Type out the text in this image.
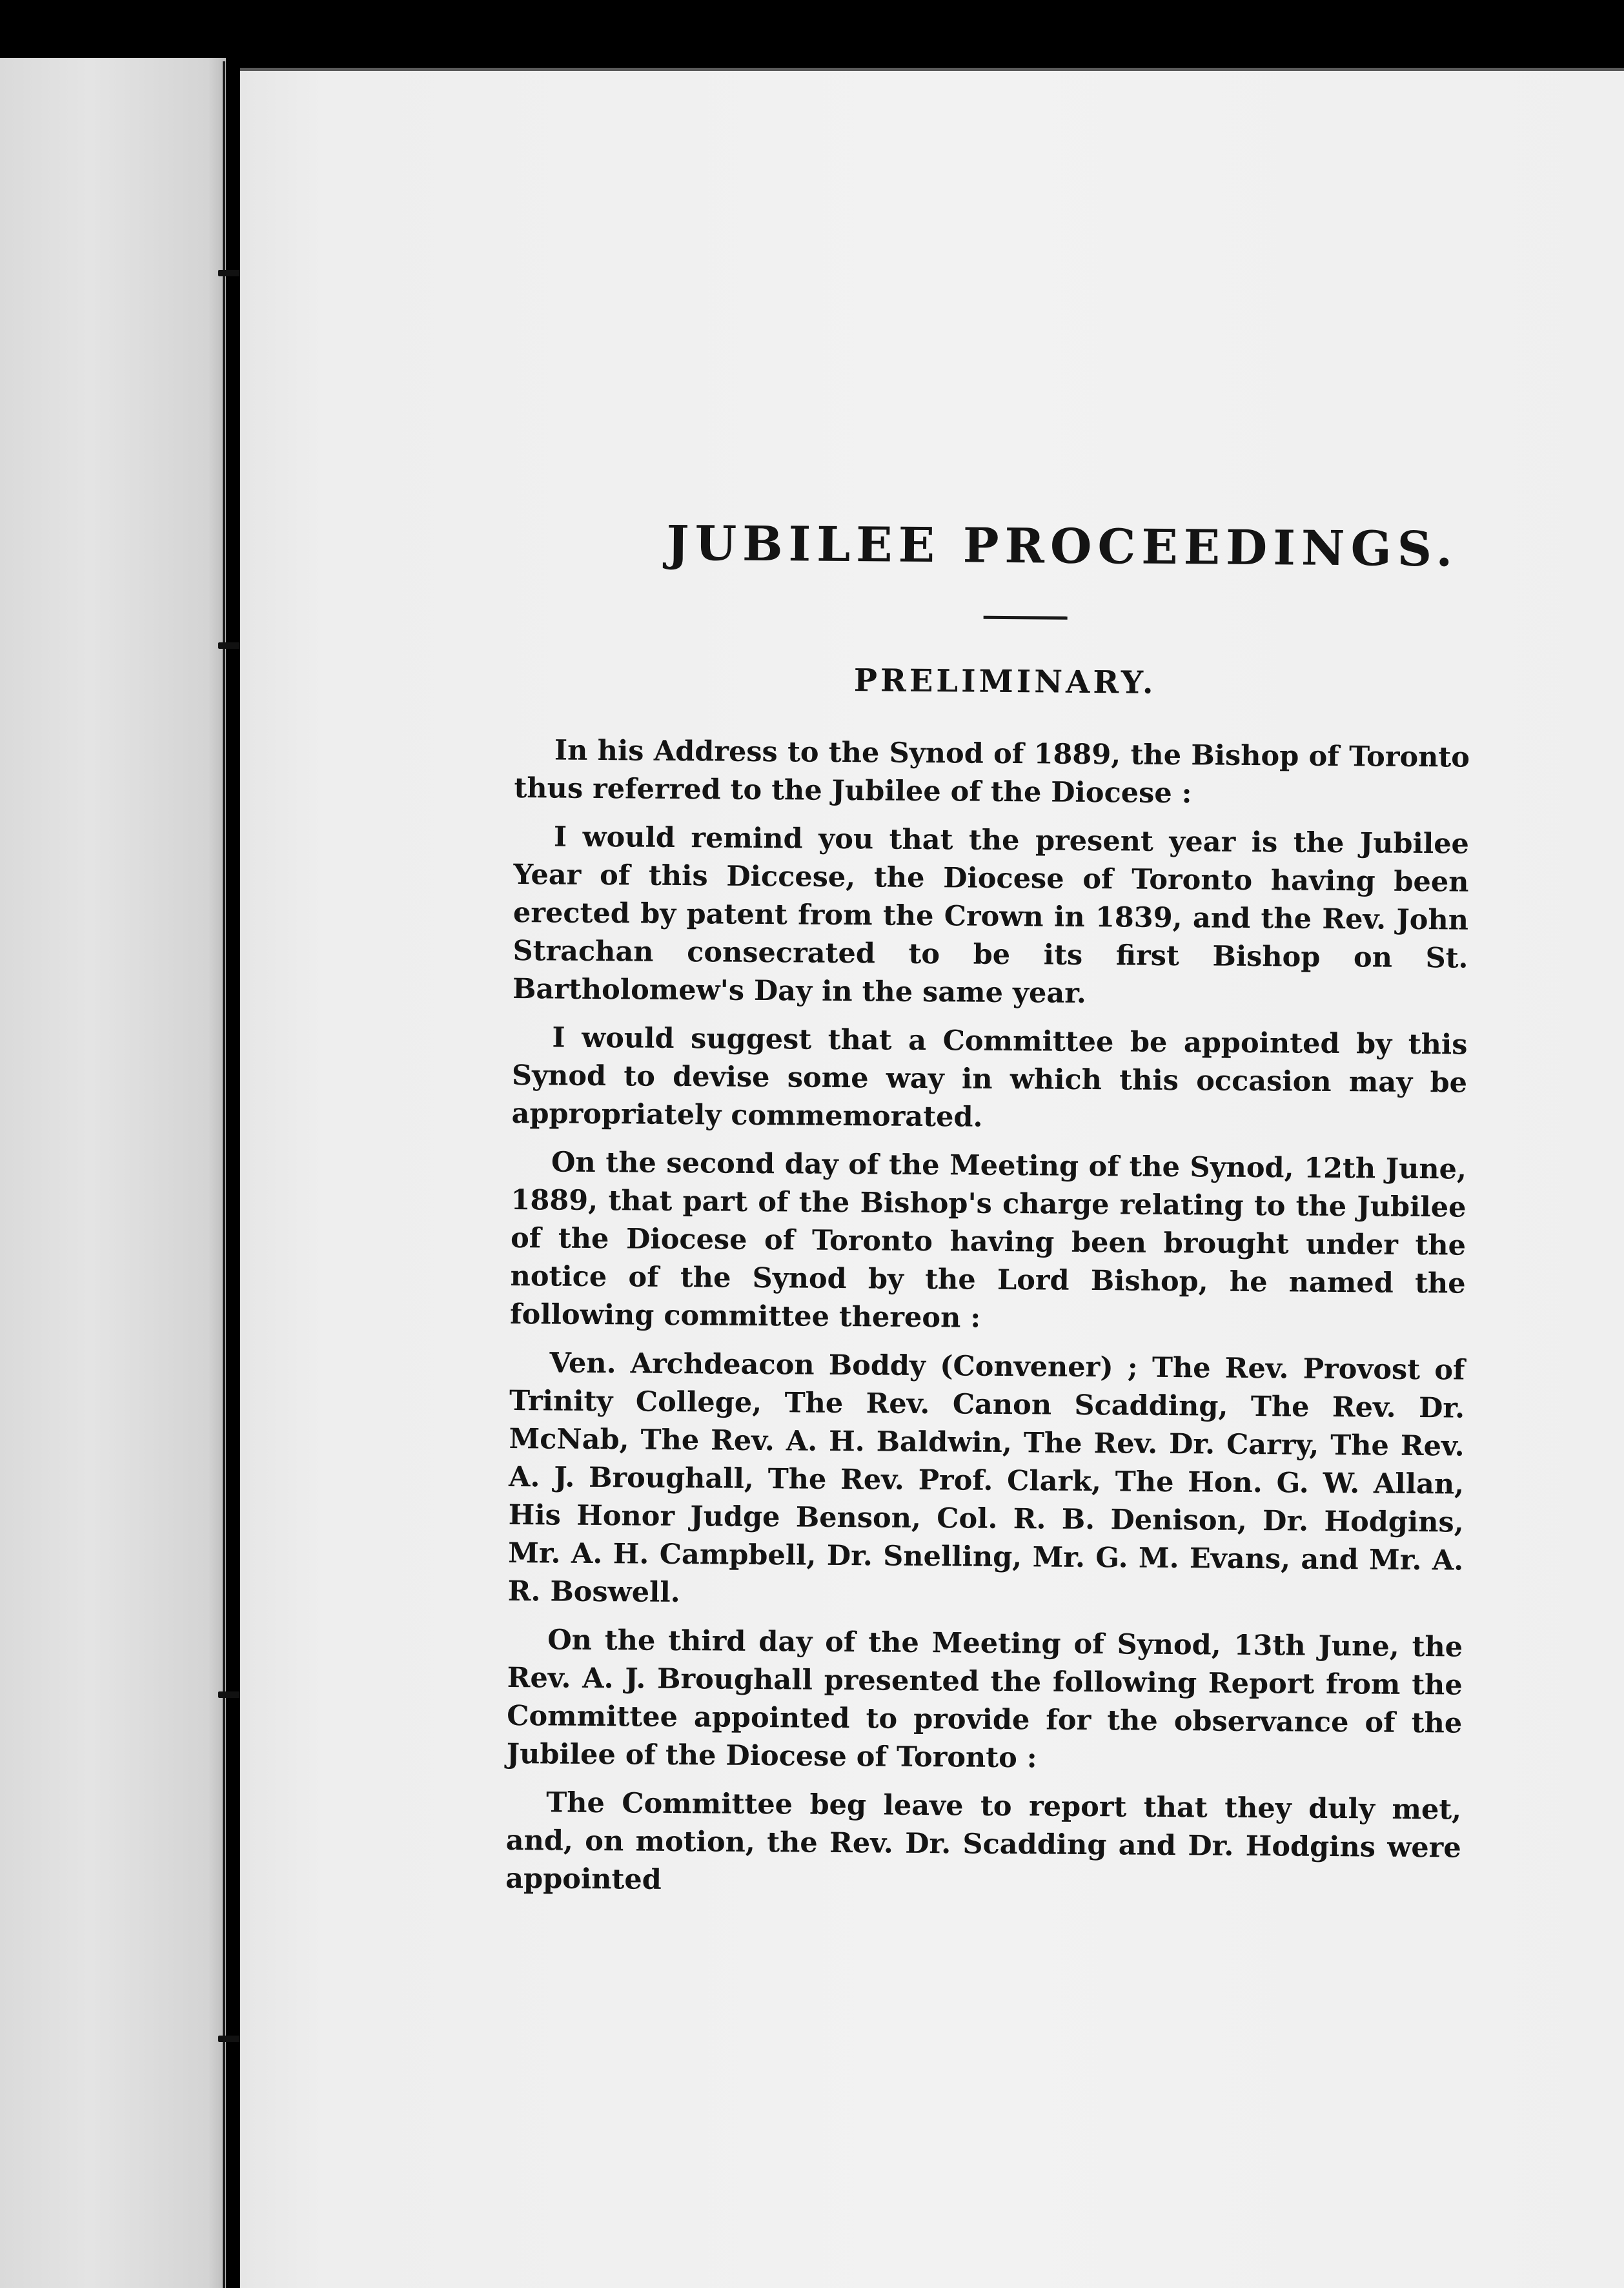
JUBILEE PROCEEDINGS.
PRELIMINARY.

In his Address to the Synod of 1889, the Bishop of Toronto thus referred to the Jubilee of the Diocese :

I would remind you that the present year is the Jubilee Year of this Diccese, the Diocese of Toronto having been erected by patent from the Crown in 1839, and the Rev. John Strachan consecrated to be its first Bishop on St. Bartholomew's Day in the same year.

I would suggest that a Committee be appointed by this Synod to devise some way in which this occasion may be appropriately commemorated.

On the second day of the Meeting of the Synod, 12th June, 1889, that part of the Bishop's charge relating to the Jubilee of the Diocese of Toronto having been brought under the notice of the Synod by the Lord Bishop, he named the following committee thereon :

Ven. Archdeacon Boddy (Convener) ; The Rev. Provost of Trinity College, The Rev. Canon Scadding, The Rev. Dr. McNab, The Rev. A. H. Baldwin, The Rev. Dr. Carry, The Rev. A. J. Broughall, The Rev. Prof. Clark, The Hon. G. W. Allan, His Honor Judge Benson, Col. R. B. Denison, Dr. Hodgins, Mr. A. H. Campbell, Dr. Snelling, Mr. G. M. Evans, and Mr. A. R. Boswell.

On the third day of the Meeting of Synod, 13th June, the Rev. A. J. Broughall presented the following Report from the Committee appointed to provide for the observance of the Jubilee of the Diocese of Toronto :

The Committee beg leave to report that they duly met, and, on motion, the Rev. Dr. Scadding and Dr. Hodgins were appointed
